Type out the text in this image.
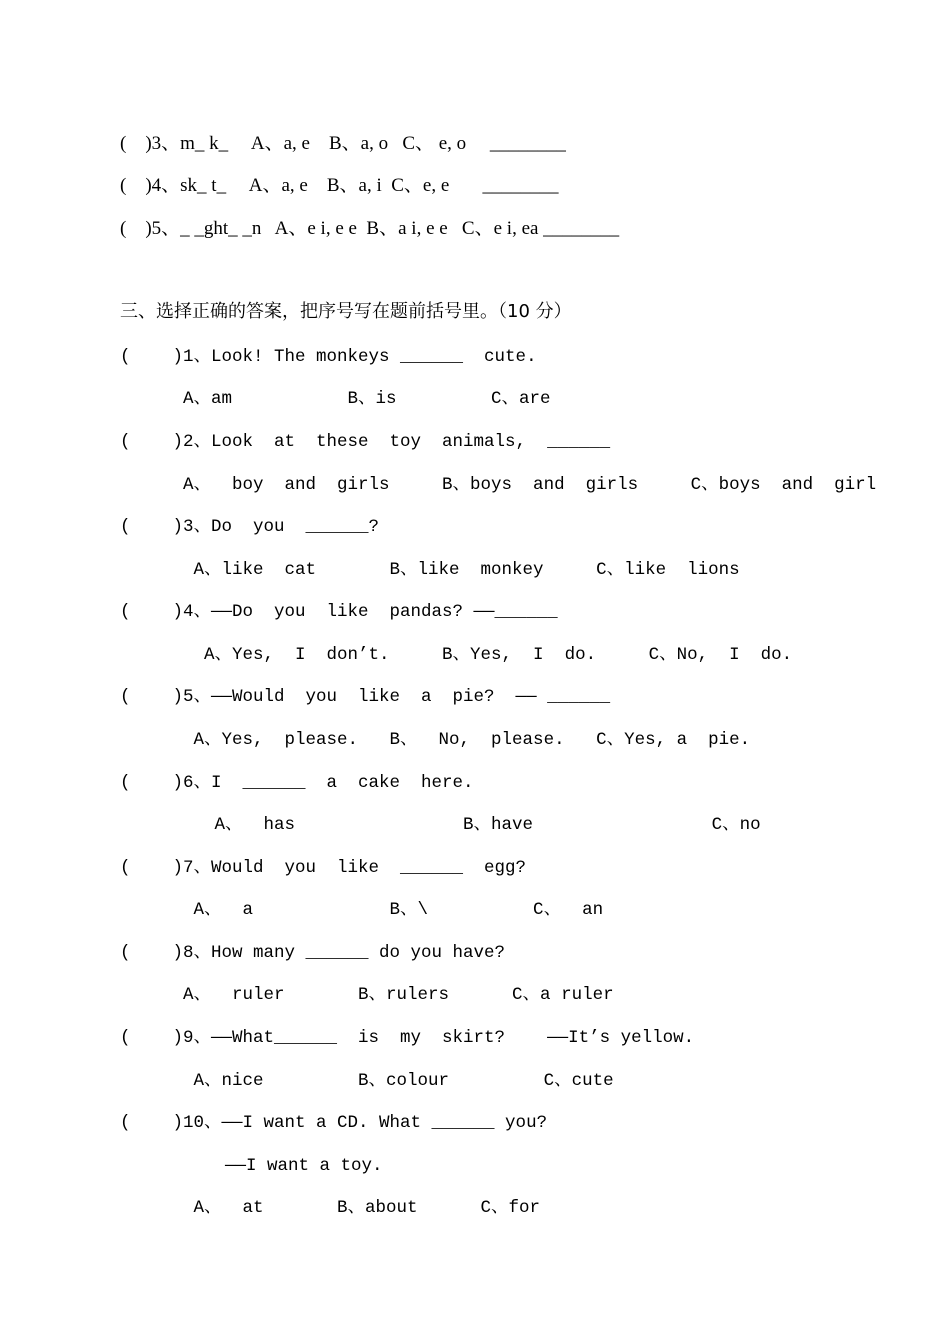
(    )3、m_ k_     A、a, e    B、a, o   C、 e, o     ________
(    )4、sk_ t_     A、a, e    B、a, i  C、e, e       ________
(    )5、_ _ght_ _n   A、e i, e e  B、a i, e e   C、e i, ea ________
三、选择正确的答案，把序号写在题前括号里。（10 分）
(    )1、Look! The monkeys ______  cute.
A、am           B、is         C、are
(    )2、Look  at  these  toy  animals,  ______
A、  boy  and  girls     B、boys  and  girls     C、boys  and  girl
(    )3、Do  you  ______?
A、like  cat       B、like  monkey     C、like  lions
(    )4、——Do  you  like  pandas? ——______
A、Yes,  I  don’t.     B、Yes,  I  do.     C、No,  I  do.
(    )5、——Would  you  like  a  pie?  —— ______
A、Yes,  please.   B、  No,  please.   C、Yes, a  pie.
(    )6、I  ______  a  cake  here.
A、  has                B、have                 C、no
(    )7、Would  you  like  ______  egg?
A、  a             B、\          C、  an
(    )8、How many ______ do you have?
A、  ruler       B、rulers      C、a ruler
(    )9、——What______  is  my  skirt?    ——It’s yellow.
A、nice         B、colour         C、cute
(    )10、——I want a CD. What ______ you?
——I want a toy.
A、  at       B、about      C、for
